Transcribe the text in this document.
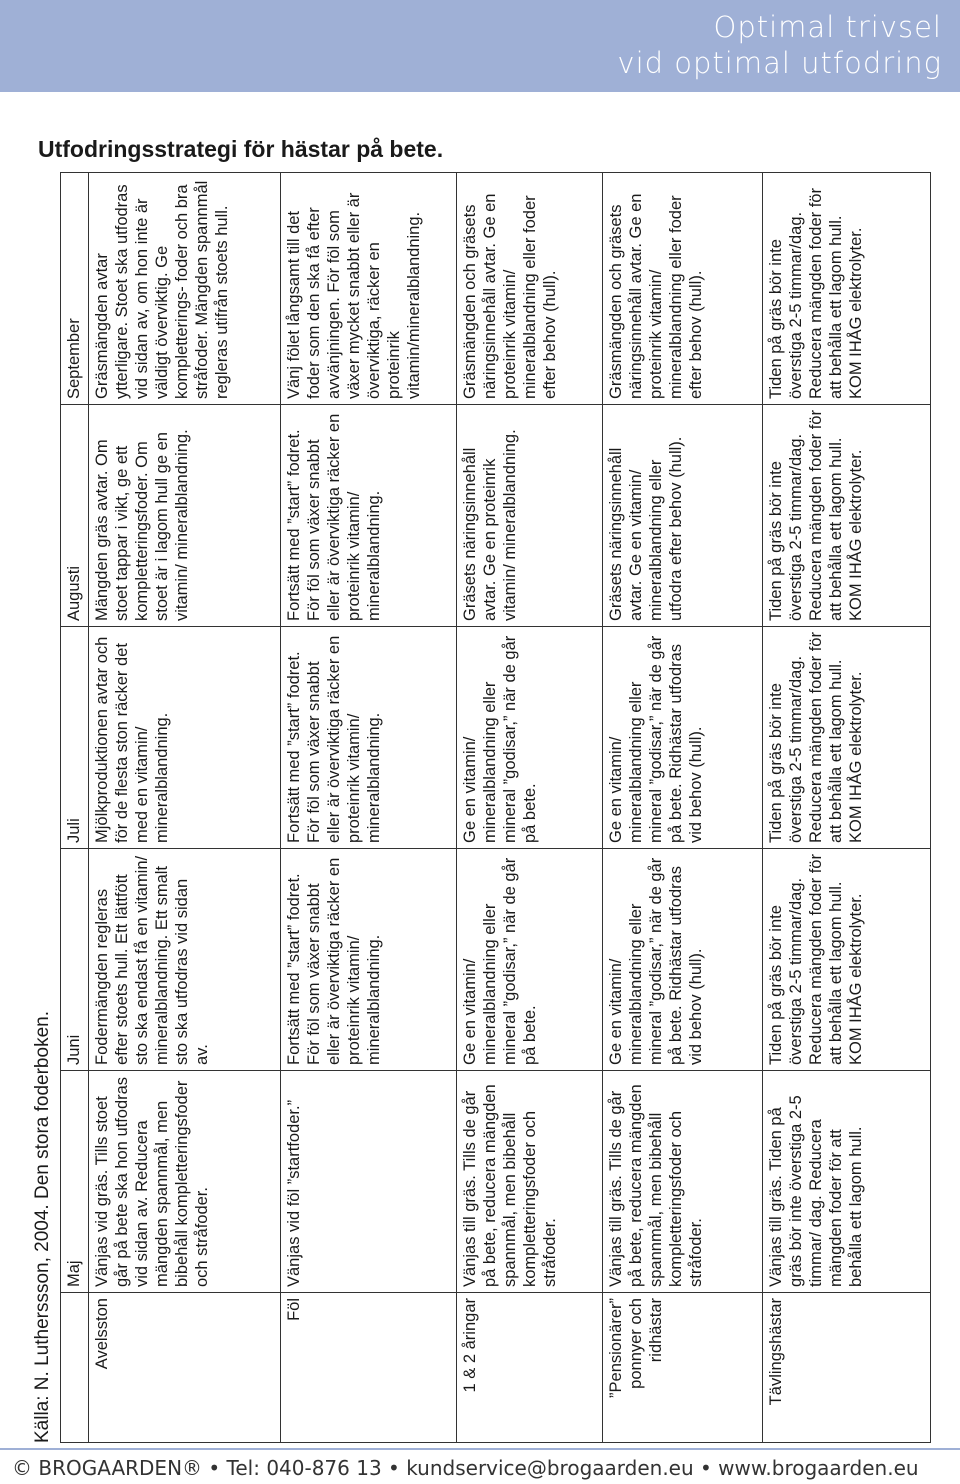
Optimal trivsel
vid optimal utfodring
Utfodringsstrategi för hästar på bete.
Källa: N. Lutherssson, 2004. Den stora foderboken.
	Maj	Juni	Juli	Augusti	September
Avelsston	Vänjas vid gräs. Tills stoet går på bete ska hon utfodras vid sidan av. Reducera mängden spannmål, men bibehåll kompletteringsfoder och stråfoder.	Fodermängden regleras efter stoets hull. Ett lättfött sto ska endast få en vitamin/ mineralblandning. Ett smalt sto ska utfodras vid sidan av.	Mjölkproduktionen avtar och för de flesta ston räcker det med en vitamin/ mineralblandning.	Mängden gräs avtar. Om stoet tappar i vikt, ge ett kompletteringsfoder. Om stoet är i lagom hull ge en vitamin/ mineralblandning.	Gräsmängden avtar ytterligare. Stoet ska utfodras vid sidan av, om hon inte är väldigt överviktig. Ge kompletterings- foder och bra stråfoder. Mängden spannmål regleras utifrån stoets hull.
Föl	Vänjas vid föl ”startfoder.”	Fortsätt med ”start” fodret. För föl som växer snabbt eller är överviktiga räcker en proteinrik vitamin/ mineralblandning.	Fortsätt med ”start” fodret. För föl som växer snabbt eller är överviktiga räcker en proteinrik vitamin/ mineralblandning.	Fortsätt med ”start” fodret. För föl som växer snabbt eller är överviktiga räcker en proteinrik vitamin/ mineralblandning.	Vänj fölet långsamt till det foder som den ska få efter avvänjningen. För föl som växer mycket snabbt eller är överviktiga, räcker en proteinrik vitamin/mineralblandning.
1 & 2 åringar	Vänjas till gräs. Tills de går på bete, reducera mängden spannmål, men bibehåll kompletteringsfoder och stråfoder.	Ge en vitamin/ mineralblandning eller mineral ”godisar,” när de går på bete.	Ge en vitamin/ mineralblandning eller mineral ”godisar,” när de går på bete.	Gräsets näringsinnehåll avtar. Ge en proteinrik vitamin/ mineralblandning.	Gräsmängden och gräsets näringsinnehåll avtar. Ge en proteinrik vitamin/ mineralblandning eller foder efter behov (hull).
”Pensionärer” ponnyer och ridhästar	Vänjas till gräs. Tills de går på bete, reducera mängden spannmål, men bibehåll kompletteringsfoder och stråfoder.	Ge en vitamin/ mineralblandning eller mineral ”godisar,” när de går på bete. Ridhästar utfodras vid behov (hull).	Ge en vitamin/ mineralblandning eller mineral ”godisar,” när de går på bete. Ridhästar utfodras vid behov (hull).	Gräsets näringsinnehåll avtar. Ge en vitamin/ mineralblandning eller utfodra efter behov (hull).	Gräsmängden och gräsets näringsinnehåll avtar. Ge en proteinrik vitamin/ mineralblandning eller foder efter behov (hull).
Tävlingshästar	Vänjas till gräs. Tiden på gräs bör inte överstiga 2-5 timmar/ dag. Reducera mängden foder för att behålla ett lagom hull.	Tiden på gräs bör inte överstiga 2-5 timmar/dag. Reducera mängden foder för att behålla ett lagom hull. KOM IHÅG elektrolyter.	Tiden på gräs bör inte överstiga 2-5 timmar/dag. Reducera mängden foder för att behålla ett lagom hull. KOM IHÅG elektrolyter.	Tiden på gräs bör inte överstiga 2-5 timmar/dag. Reducera mängden foder för att behålla ett lagom hull. KOM IHÅG elektrolyter.	Tiden på gräs bör inte överstiga 2-5 timmar/dag. Reducera mängden foder för att behålla ett lagom hull. KOM IHÅG elektrolyter.
© BROGAARDEN® • Tel: 040-876 13 • kundservice@brogaarden.eu • www.brogaarden.eu
